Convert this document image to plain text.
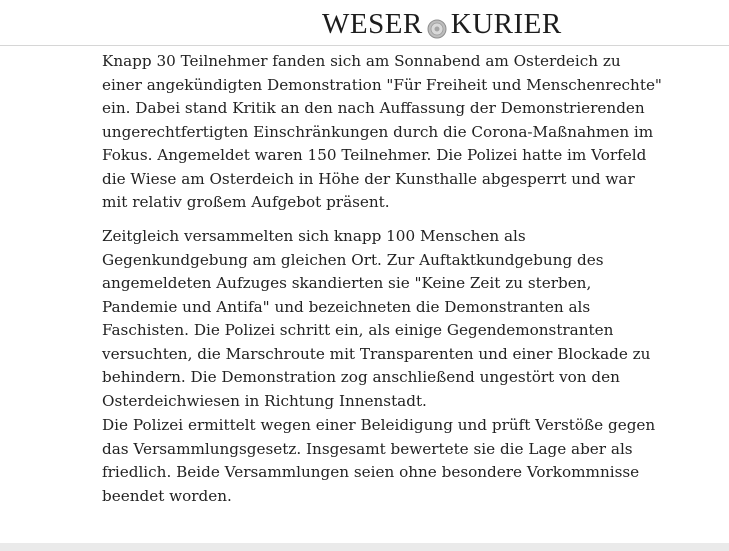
WESER KURIER

Knapp 30 Teilnehmer fanden sich am Sonnabend am Osterdeich zu einer angekündigten Demonstration "Für Freiheit und Menschenrechte" ein. Dabei stand Kritik an den nach Auffassung der Demonstrierenden ungerechtfertigten Einschränkungen durch die Corona-Maßnahmen im Fokus. Angemeldet waren 150 Teilnehmer. Die Polizei hatte im Vorfeld die Wiese am Osterdeich in Höhe der Kunsthalle abgesperrt und war mit relativ großem Aufgebot präsent.

Zeitgleich versammelten sich knapp 100 Menschen als Gegenkundgebung am gleichen Ort. Zur Auftaktkundgebung des angemeldeten Aufzuges skandierten sie "Keine Zeit zu sterben, Pandemie und Antifa" und bezeichneten die Demonstranten als Faschisten. Die Polizei schritt ein, als einige Gegendemonstranten versuchten, die Marschroute mit Transparenten und einer Blockade zu behindern. Die Demonstration zog anschließend ungestört von den Osterdeichwiesen in Richtung Innenstadt.

Die Polizei ermittelt wegen einer Beleidigung und prüft Verstöße gegen das Versammlungsgesetz. Insgesamt bewertete sie die Lage aber als friedlich. Beide Versammlungen seien ohne besondere Vorkommnisse beendet worden.
